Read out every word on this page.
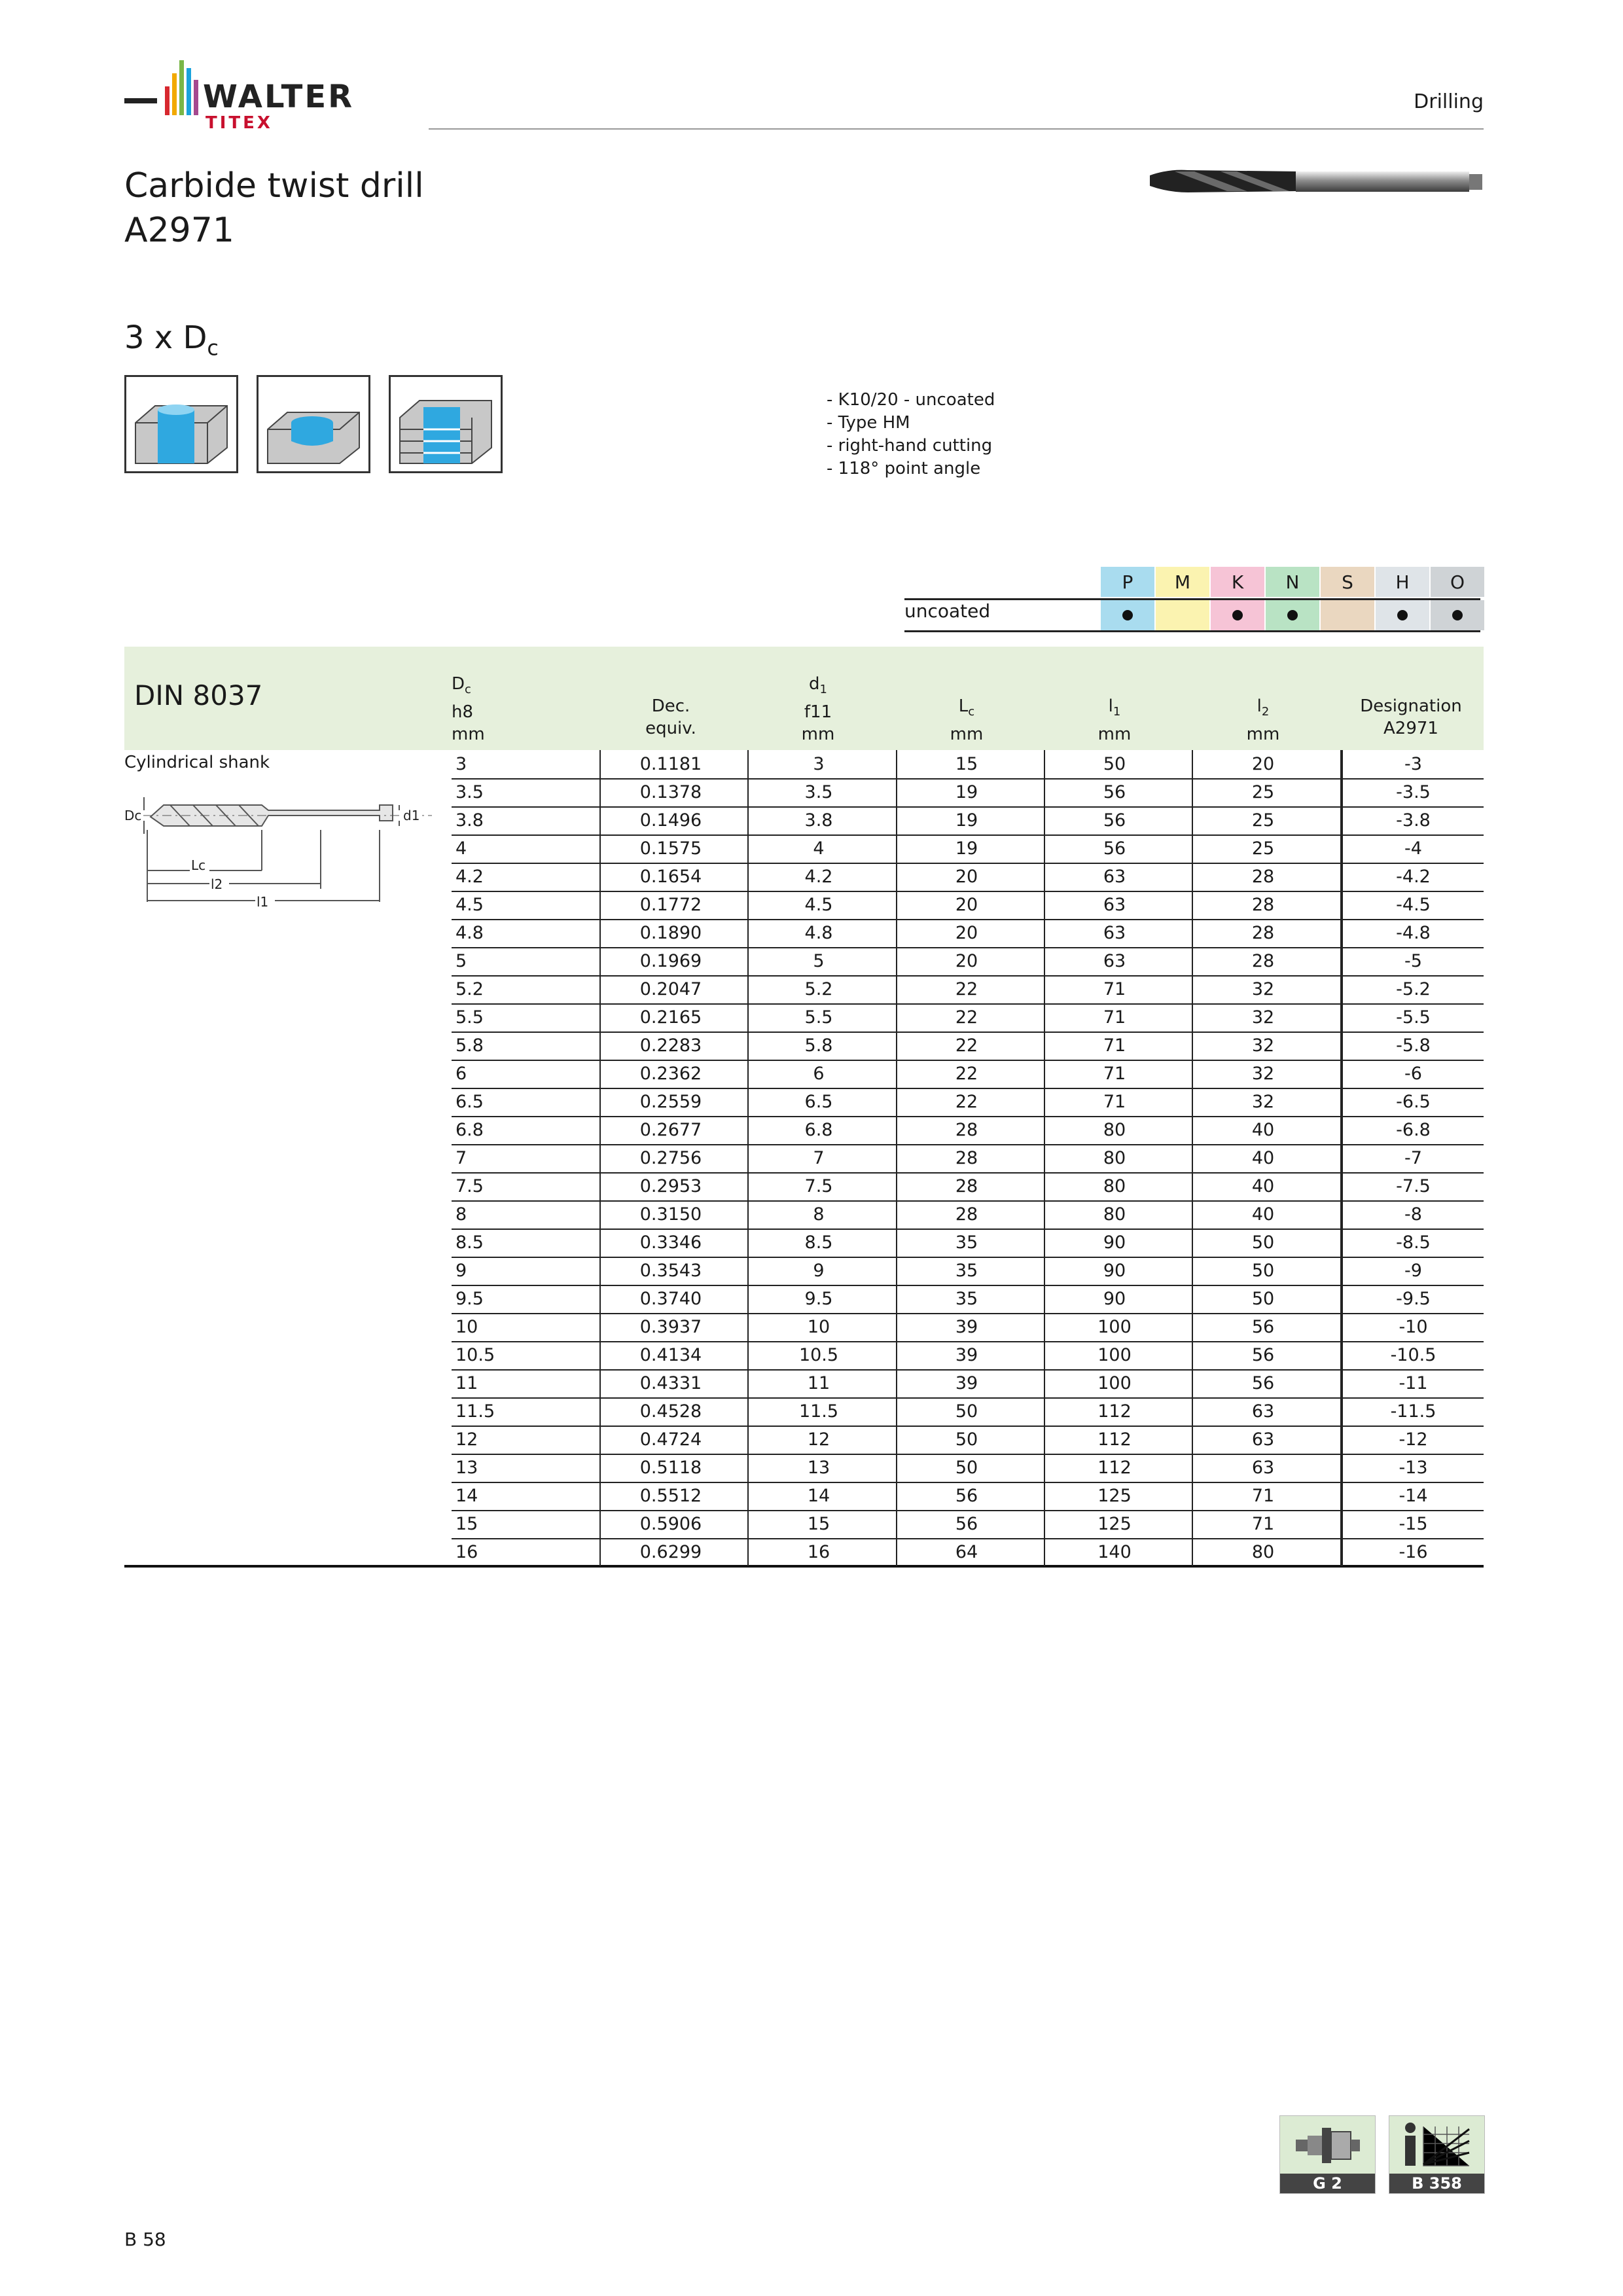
WALTER
TITEX
Drilling
Carbide twist drill
A2971
3 x $D_c$
- K10/20 - uncoated
- Type HM
- right-hand cutting
- 118° point angle
P	M	K	N	S	H	O
uncoated
$D_c$
h8
mm
Dec.
equiv.
$d_1$
f11
mm
$L_c$
mm
$l_1$
mm
$l_2$
mm
Designation
A2971
DIN 8037
Cylindrical shank
Dc	d1
Lc
l2
l1
3	0.1181	3	15	50	20	-3
3.5	0.1378	3.5	19	56	25	-3.5
3.8	0.1496	3.8	19	56	25	-3.8
4	0.1575	4	19	56	25	-4
4.2	0.1654	4.2	20	63	28	-4.2
4.5	0.1772	4.5	20	63	28	-4.5
4.8	0.1890	4.8	20	63	28	-4.8
5	0.1969	5	20	63	28	-5
5.2	0.2047	5.2	22	71	32	-5.2
5.5	0.2165	5.5	22	71	32	-5.5
5.8	0.2283	5.8	22	71	32	-5.8
6	0.2362	6	22	71	32	-6
6.5	0.2559	6.5	22	71	32	-6.5
6.8	0.2677	6.8	28	80	40	-6.8
7	0.2756	7	28	80	40	-7
7.5	0.2953	7.5	28	80	40	-7.5
8	0.3150	8	28	80	40	-8
8.5	0.3346	8.5	35	90	50	-8.5
9	0.3543	9	35	90	50	-9
9.5	0.3740	9.5	35	90	50	-9.5
10	0.3937	10	39	100	56	-10
10.5	0.4134	10.5	39	100	56	-10.5
11	0.4331	11	39	100	56	-11
11.5	0.4528	11.5	50	112	63	-11.5
12	0.4724	12	50	112	63	-12
13	0.5118	13	50	112	63	-13
14	0.5512	14	56	125	71	-14
15	0.5906	15	56	125	71	-15
16	0.6299	16	64	140	80	-16
G 2	B 358
B 58
